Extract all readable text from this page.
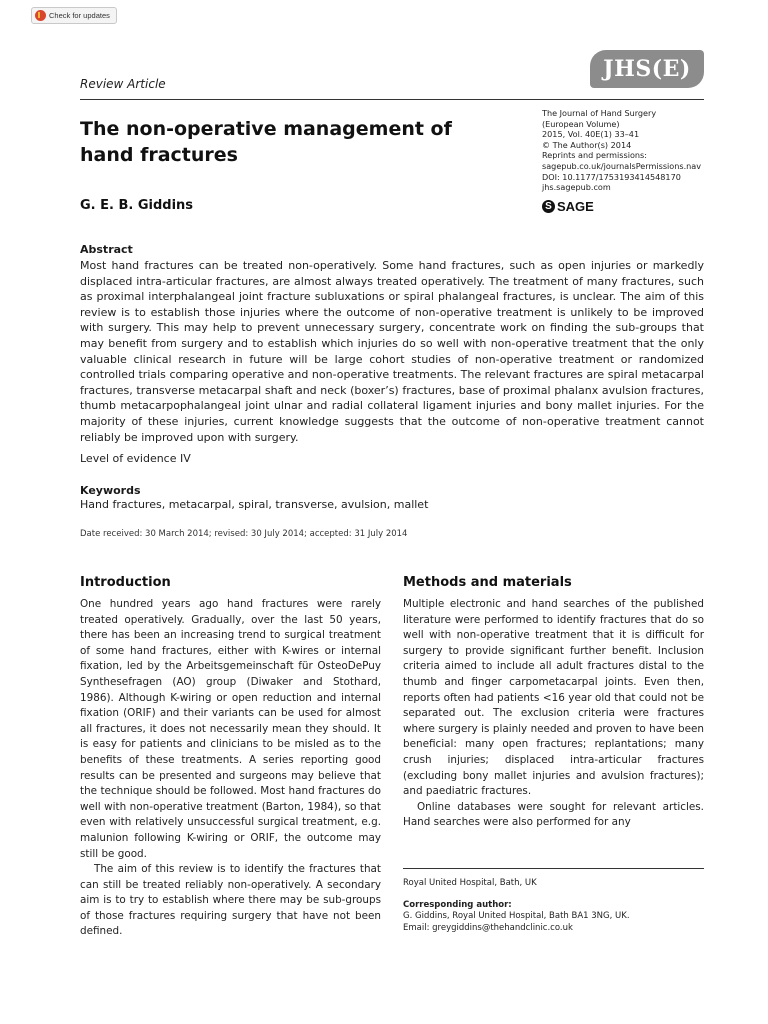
Check for updates
Review Article
JHS(E)
The non-operative management of hand fractures
G. E. B. Giddins
The Journal of Hand Surgery
(European Volume)
2015, Vol. 40E(1) 33–41
© The Author(s) 2014
Reprints and permissions:
sagepub.co.uk/journalsPermissions.nav
DOI: 10.1177/1753193414548170
jhs.sagepub.com
S SAGE
Abstract

Most hand fractures can be treated non-operatively. Some hand fractures, such as open injuries or markedly displaced intra-articular fractures, are almost always treated operatively. The treatment of many fractures, such as proximal interphalangeal joint fracture subluxations or spiral phalangeal fractures, is unclear. The aim of this review is to establish those injuries where the outcome of non-operative treatment is unlikely to be improved with surgery. This may help to prevent unnecessary surgery, concentrate work on finding the sub-groups that may benefit from surgery and to establish which injuries do so well with non-operative treatment that the only valuable clinical research in future will be large cohort studies of non-operative treatment or randomized controlled trials comparing operative and non-operative treatments. The relevant fractures are spiral metacarpal fractures, transverse metacarpal shaft and neck (boxer’s) fractures, base of proximal phalanx avulsion fractures, thumb metacarpophalangeal joint ulnar and radial collateral ligament injuries and bony mallet injuries. For the majority of these injuries, current knowledge suggests that the outcome of non-operative treatment cannot reliably be improved upon with surgery.

Level of evidence IV
Keywords
Hand fractures, metacarpal, spiral, transverse, avulsion, mallet
Date received: 30 March 2014; revised: 30 July 2014; accepted: 31 July 2014
Introduction

One hundred years ago hand fractures were rarely treated operatively. Gradually, over the last 50 years, there has been an increasing trend to surgical treatment of some hand fractures, either with K-wires or internal fixation, led by the Arbeitsgemeinschaft für OsteoDePuy Synthesefragen (AO) group (Diwaker and Stothard, 1986). Although K-wiring or open reduction and internal fixation (ORIF) and their variants can be used for almost all fractures, it does not necessarily mean they should. It is easy for patients and clinicians to be misled as to the benefits of these treatments. A series reporting good results can be presented and surgeons may believe that the technique should be followed. Most hand fractures do well with non-operative treatment (Barton, 1984), so that even with relatively unsuccessful surgical treatment, e.g. malunion following K-wiring or ORIF, the outcome may still be good.

The aim of this review is to identify the fractures that can still be treated reliably non-operatively. A secondary aim is to try to establish where there may be sub-groups of those fractures requiring surgery that have not been defined.

Methods and materials

Multiple electronic and hand searches of the published literature were performed to identify fractures that do so well with non-operative treatment that it is difficult for surgery to provide significant further benefit. Inclusion criteria aimed to include all adult fractures distal to the thumb and finger carpometacarpal joints. Even then, reports often had patients <16 year old that could not be separated out. The exclusion criteria were fractures where surgery is plainly needed and proven to have been beneficial: many open fractures; replantations; many crush injuries; displaced intra-articular fractures (excluding bony mallet injuries and avulsion fractures); and paediatric fractures.

Online databases were sought for relevant articles. Hand searches were also performed for any

Royal United Hospital, Bath, UK
Corresponding author:
G. Giddins, Royal United Hospital, Bath BA1 3NG, UK.
Email: greygiddins@thehandclinic.co.uk
